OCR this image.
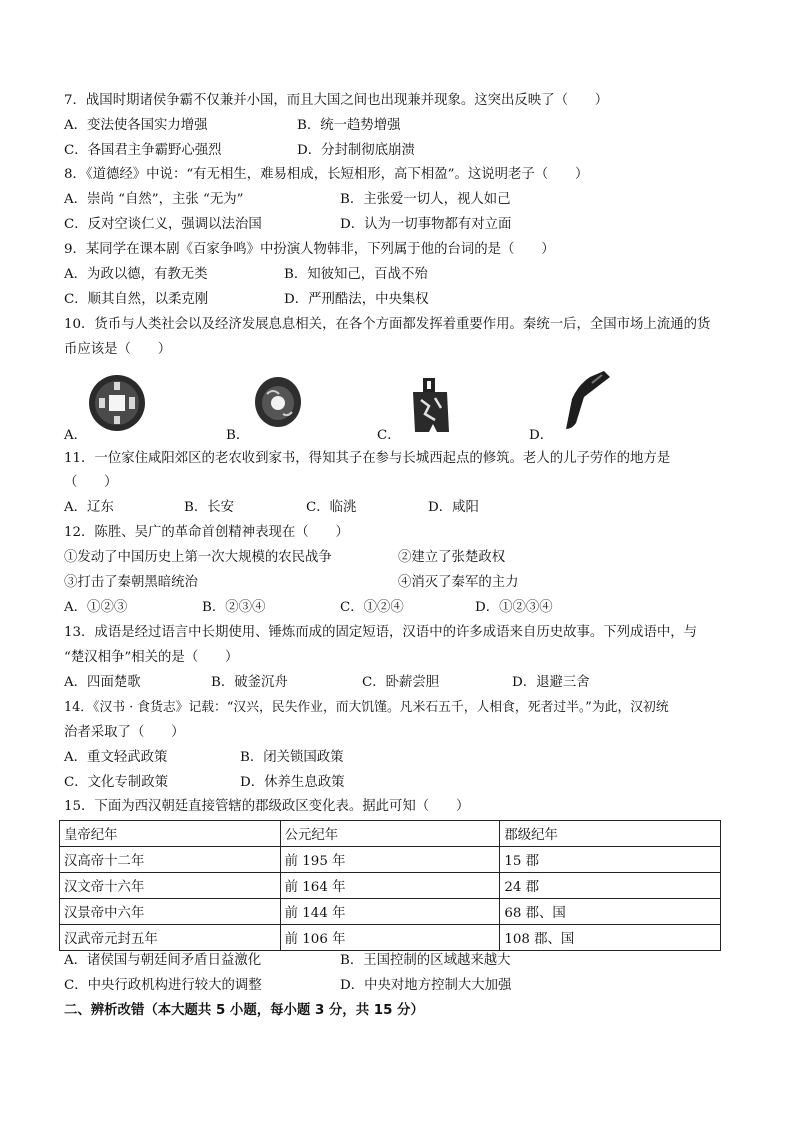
7．战国时期诸侯争霸不仅兼并小国，而且大国之间也出现兼并现象。这突出反映了（　　）
A．变法使各国实力增强	B．统一趋势增强
C．各国君主争霸野心强烈	D．分封制彻底崩溃
8．《道德经》中说：“有无相生，难易相成，长短相形，高下相盈”。这说明老子（　　）
A．崇尚 “自然”，主张 “无为”	B．主张爱一切人，视人如己
C．反对空谈仁义，强调以法治国	D．认为一切事物都有对立面
9．某同学在课本剧《百家争鸣》中扮演人物韩非，下列属于他的台词的是（　　）
A．为政以德，有教无类	B．知彼知己，百战不殆
C．顺其自然，以柔克刚	D．严刑酷法，中央集权
10．货币与人类社会以及经济发展息息相关，在各个方面都发挥着重要作用。秦统一后，全国市场上流通的货
币应该是（　　）
A．	B．	C．	D．
11．一位家住咸阳郊区的老农收到家书，得知其子在参与长城西起点的修筑。老人的儿子劳作的地方是
（　　）
A．辽东	B．长安	C．临洮	D．咸阳
12．陈胜、吴广的革命首创精神表现在（　　）
①发动了中国历史上第一次大规模的农民战争	②建立了张楚政权
③打击了秦朝黑暗统治	④消灭了秦军的主力
A．①②③	B．②③④	C．①②④	D．①②③④
13．成语是经过语言中长期使用、锤炼而成的固定短语，汉语中的许多成语来自历史故事。下列成语中，与
“楚汉相争”相关的是（　　）
A．四面楚歌	B．破釜沉舟	C．卧薪尝胆	D．退避三舍
14．《汉书 · 食货志》记载：“汉兴，民失作业，而大饥馑。凡米石五千，人相食，死者过半。”为此，汉初统
治者采取了（　　）
A．重文轻武政策	B．闭关锁国政策
C．文化专制政策	D．休养生息政策
15．下面为西汉朝廷直接管辖的郡级政区变化表。据此可知（　　）
皇帝纪年	公元纪年	郡级纪年
汉高帝十二年	前 195 年	15 郡
汉文帝十六年	前 164 年	24 郡
汉景帝中六年	前 144 年	68 郡、国
汉武帝元封五年	前 106 年	108 郡、国
A．诸侯国与朝廷间矛盾日益激化	B．王国控制的区域越来越大
C．中央行政机构进行较大的调整	D．中央对地方控制大大加强
二、辨析改错（本大题共 5 小题，每小题 3 分，共 15 分）
